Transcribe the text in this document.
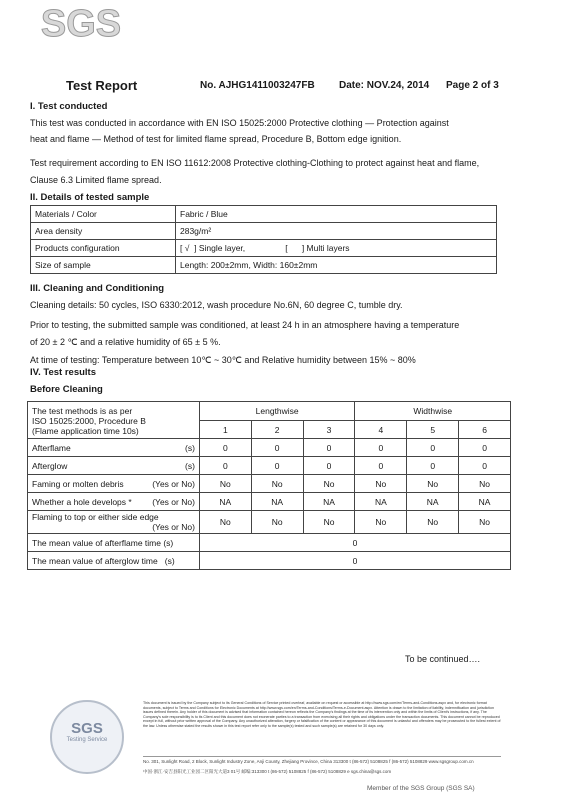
SGS
Test Report	No. AJHG1411003247FB Date: NOV.24, 2014 Page 2 of 3
I. Test conducted
This test was conducted in accordance with EN ISO 15025:2000 Protective clothing — Protection against
heat and flame — Method of test for limited flame spread, Procedure B, Bottom edge ignition.
Test requirement according to EN ISO 11612:2008 Protective clothing-Clothing to protect against heat and flame,
Clause 6.3 Limited flame spread.
II. Details of tested sample
Materials / Color	Fabric / Blue
Area density	283g/m²
Products configuration	[ √  ] Single layer,                 [      ] Multi layers
Size of sample	Length: 200±2mm, Width: 160±2mm
III. Cleaning and Conditioning
Cleaning details: 50 cycles, ISO 6330:2012, wash procedure No.6N, 60 degree C, tumble dry.
Prior to testing, the submitted sample was conditioned, at least 24 h in an atmosphere having a temperature
of 20 ± 2 ℃ and a relative humidity of 65 ± 5 %.
At time of testing: Temperature between 10℃ ~ 30℃ and Relative humidity between 15% ~ 80%
IV. Test results
Before Cleaning
The test methods is as per
ISO 15025:2000, Procedure B
(Flame application time 10s)	Lengthwise			Widthwise		
	1	2	3	4	5	6

Afterflame (s)	0	0	0	0	0	0

Afterglow (s)	0	0	0	0	0	0

Faming or molten debris (Yes or No)	No	No	No	No	No	No

Whether a hole develops * (Yes or No)	NA	NA	NA	NA	NA	NA

Flaming to top or either side edge
(Yes or No)	No	No	No	No	No	No
The mean value of afterflame time (s)	0					
The mean value of afterglow time   (s)	0					
To be continued….
SGS
Testing Service
This document is issued by the Company subject to its General Conditions of Service printed overleaf, available on request or accessible at http://www.sgs.com/en/Terms-and-Conditions.aspx and, for electronic format documents, subject to Terms and Conditions for Electronic Documents at http://www.sgs.com/en/Terms-and-Conditions/Terms-e-Document.aspx. Attention is drawn to the limitation of liability, indemnification and jurisdiction issues defined therein. Any holder of this document is advised that information contained hereon reflects the Company's findings at the time of its intervention only and within the limits of Client's instructions, if any. The Company's sole responsibility is to its Client and this document does not exonerate parties to a transaction from exercising all their rights and obligations under the transaction documents. This document cannot be reproduced except in full, without prior written approval of the Company. Any unauthorized alteration, forgery or falsification of the content or appearance of this document is unlawful and offenders may be prosecuted to the fullest extent of the law. Unless otherwise stated the results shown in this test report refer only to the sample(s) tested and such sample(s) are retained for 30 days only.
No. 301, Sunlight Road, 2 Block, Sunlight Industry Zone, Anji County, Zhejiang Province, China 313300 t (86-572) 5108825 f (86-572) 5108829 www.sgsgroup.com.cn
中国·浙江·安吉县阳光工业园二区阳光大道3 01号 邮编:313300 t (86-572) 5108825 f (86-572) 5108829 e sgs.china@sgs.com
Member of the SGS Group (SGS SA)
